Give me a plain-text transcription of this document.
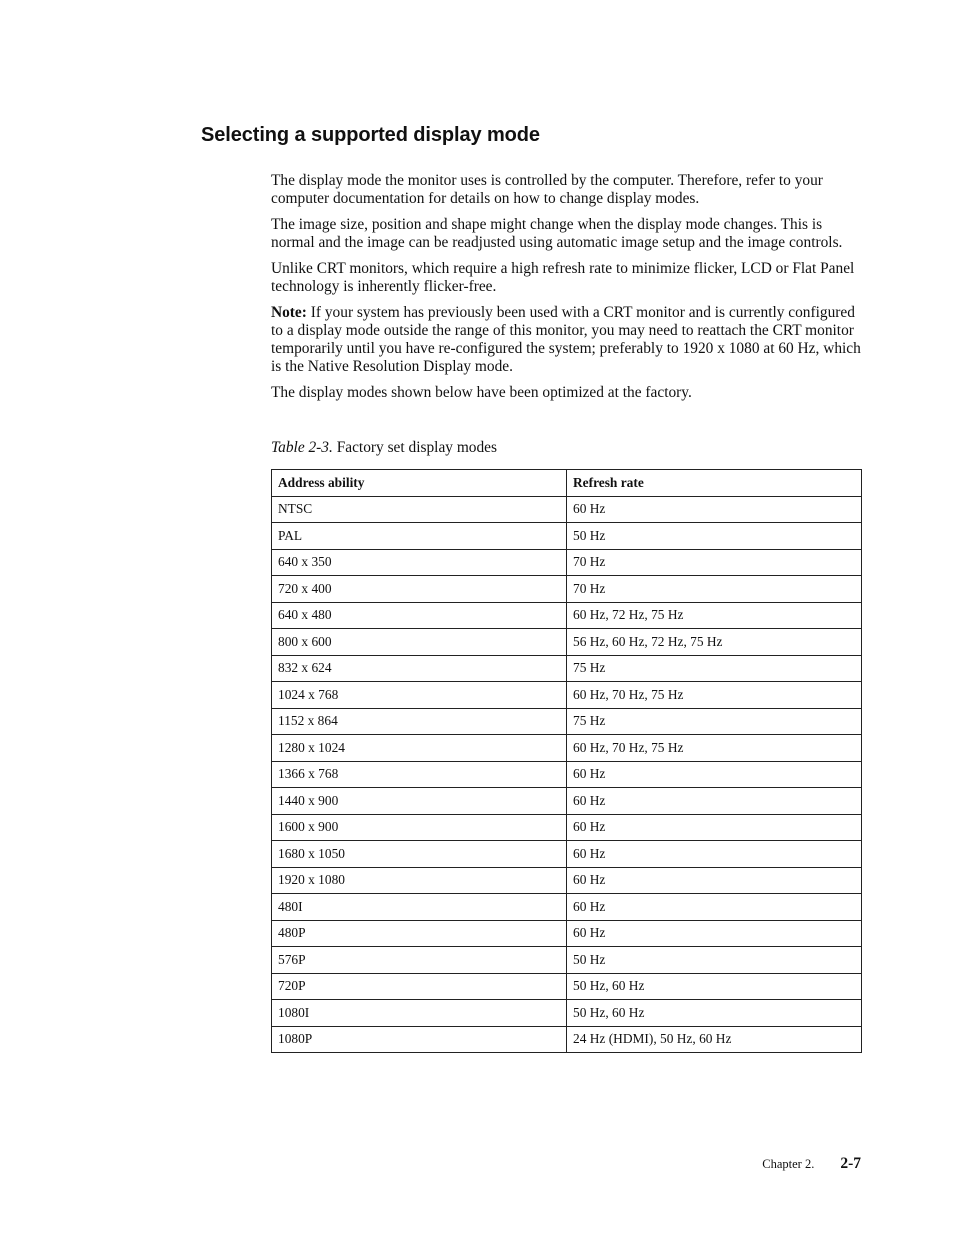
Selecting a supported display mode

The display mode the monitor uses is controlled by the computer. Therefore, refer to your computer documentation for details on how to change display modes.

The image size, position and shape might change when the display mode changes. This is normal and the image can be readjusted using automatic image setup and the image controls.

Unlike CRT monitors, which require a high refresh rate to minimize flicker, LCD or Flat Panel technology is inherently flicker-free.

Note: If your system has previously been used with a CRT monitor and is currently configured to a display mode outside the range of this monitor, you may need to reattach the CRT monitor temporarily until you have re-configured the system; preferably to 1920 x 1080 at 60 Hz, which is the Native Resolution Display mode.

The display modes shown below have been optimized at the factory.

Table 2-3. Factory set display modes

Address ability	Refresh rate
NTSC	60 Hz
PAL	50 Hz
640 x 350	70 Hz
720 x 400	70 Hz
640 x 480	60 Hz, 72 Hz, 75 Hz
800 x 600	56 Hz, 60 Hz, 72 Hz, 75 Hz
832 x 624	75 Hz
1024 x 768	60 Hz, 70 Hz, 75 Hz
1152 x 864	75 Hz
1280 x 1024	60 Hz, 70 Hz, 75 Hz
1366 x 768	60 Hz
1440 x 900	60 Hz
1600 x 900	60 Hz
1680 x 1050	60 Hz
1920 x 1080	60 Hz
480I	60 Hz
480P	60 Hz
576P	50 Hz
720P	50 Hz, 60 Hz
1080I	50 Hz, 60 Hz
1080P	24 Hz (HDMI), 50 Hz, 60 Hz
Chapter 2. 2-7
